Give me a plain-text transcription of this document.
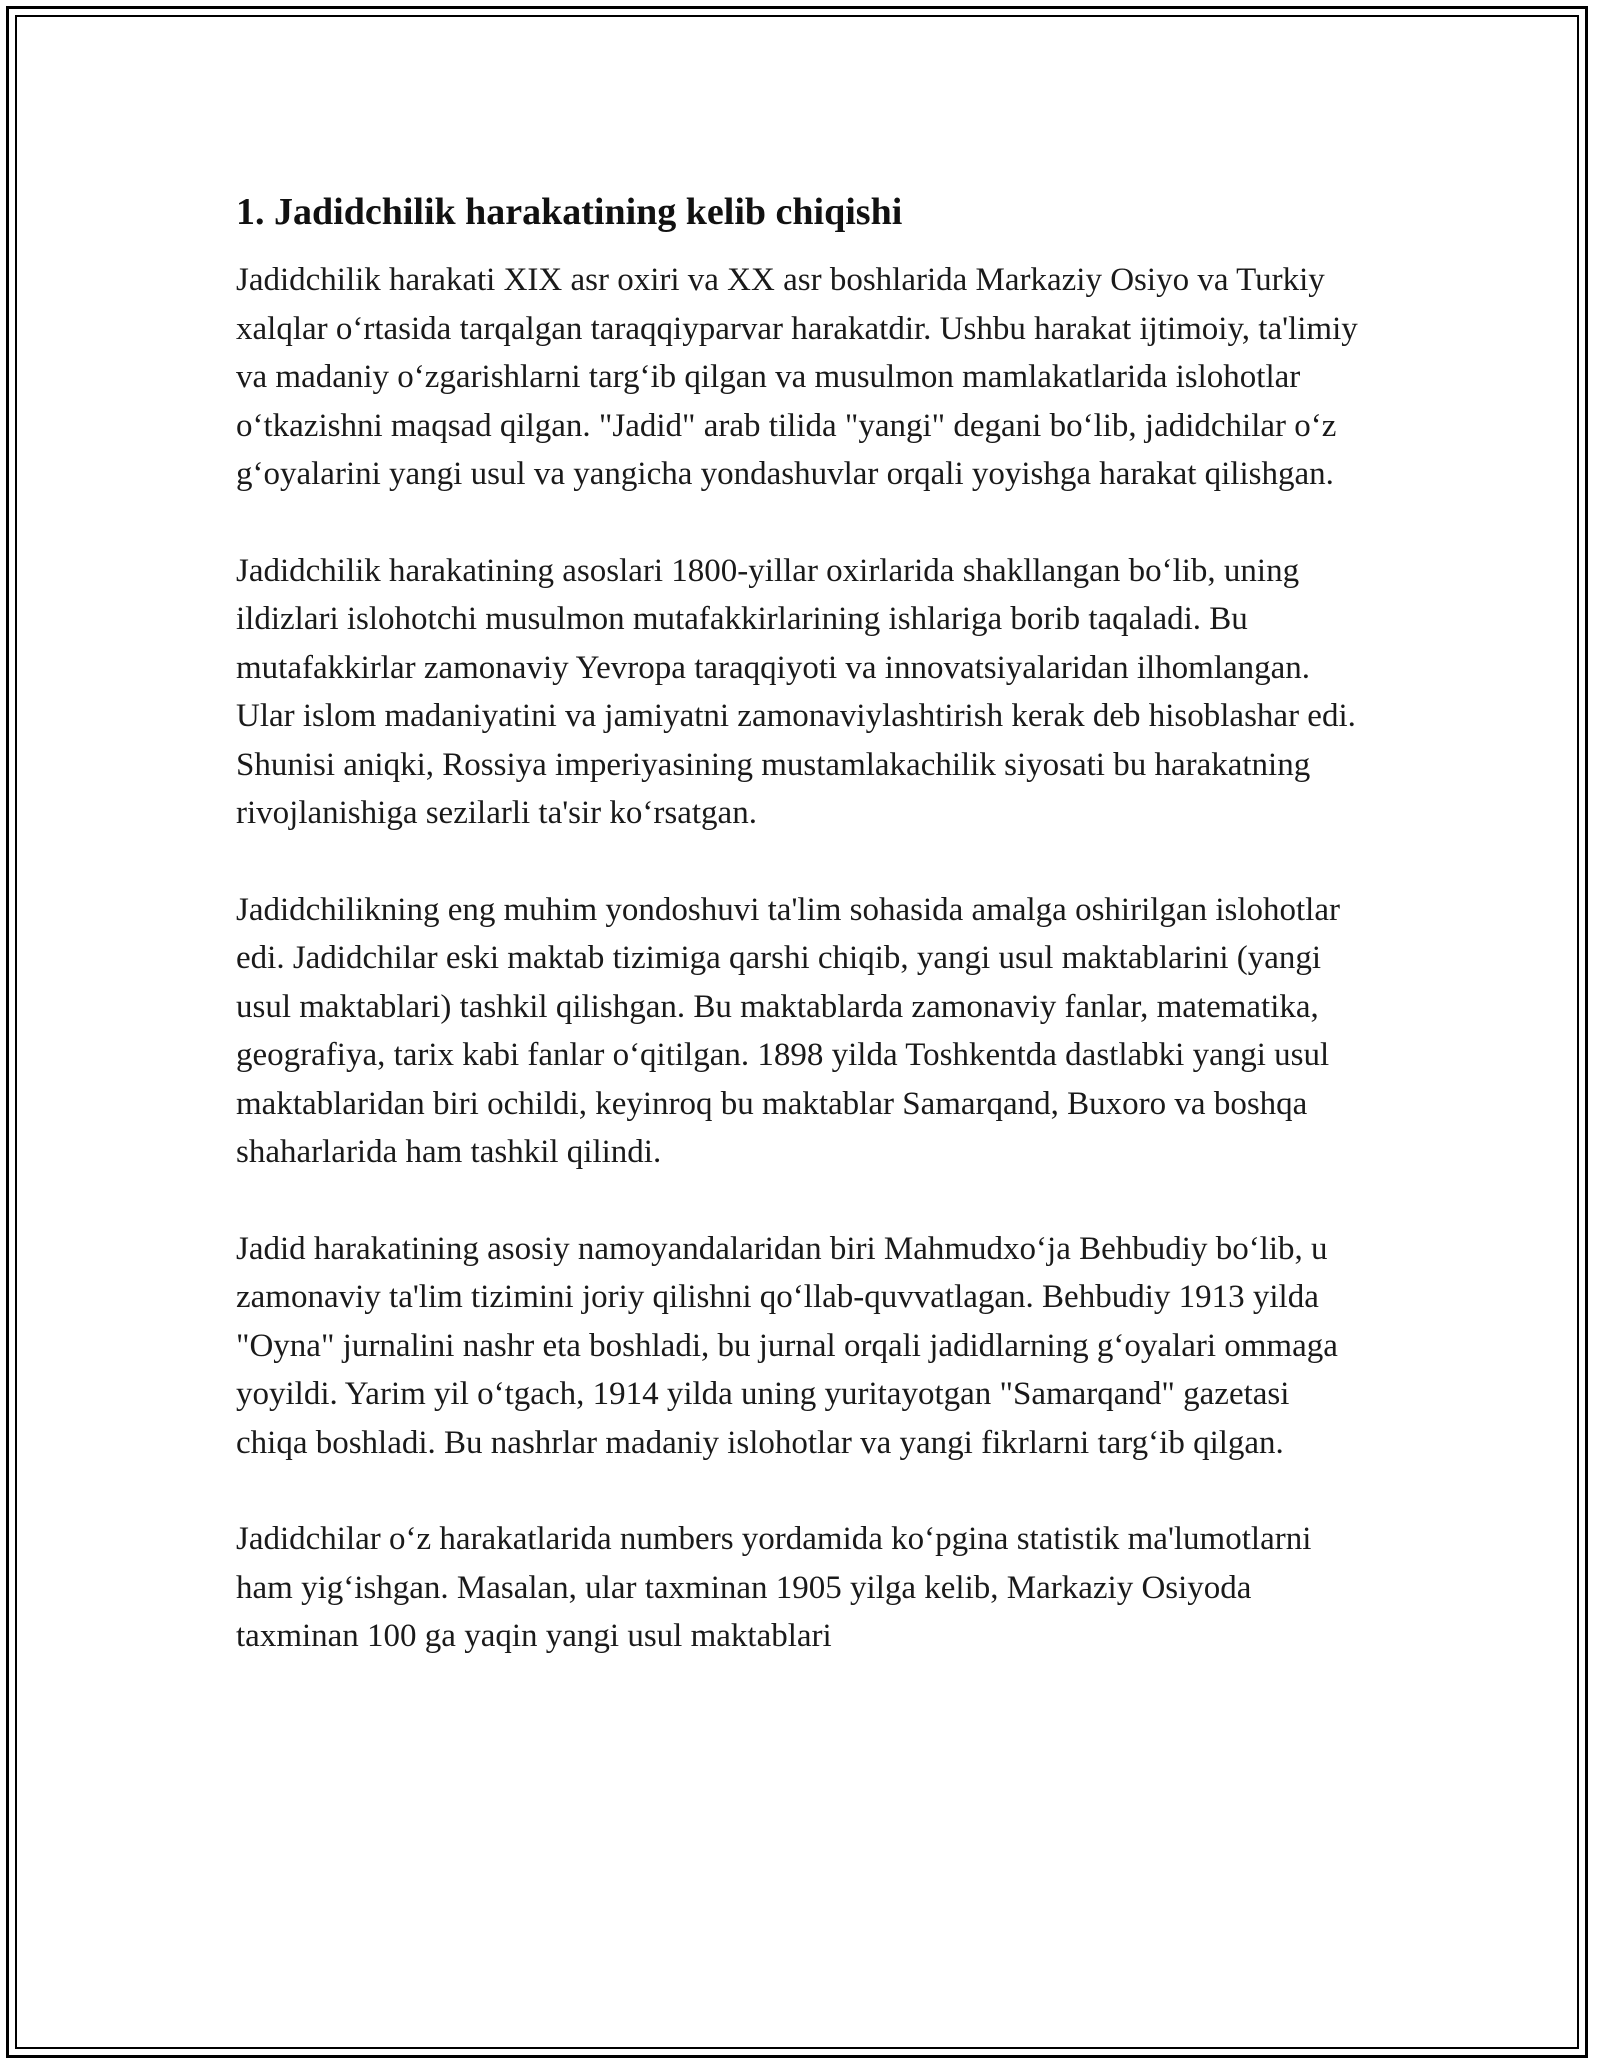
1. Jadidchilik harakatining kelib chiqishi

Jadidchilik harakati XIX asr oxiri va XX asr boshlarida Markaziy Osiyo va Turkiy xalqlar o‘rtasida tarqalgan taraqqiyparvar harakatdir. Ushbu harakat ijtimoiy, ta'limiy va madaniy o‘zgarishlarni targ‘ib qilgan va musulmon mamlakatlarida islohotlar o‘tkazishni maqsad qilgan. "Jadid" arab tilida "yangi" degani bo‘lib, jadidchilar o‘z g‘oyalarini yangi usul va yangicha yondashuvlar orqali yoyishga harakat qilishgan.

Jadidchilik harakatining asoslari 1800-yillar oxirlarida shakllangan bo‘lib, uning ildizlari islohotchi musulmon mutafakkirlarining ishlariga borib taqaladi. Bu mutafakkirlar zamonaviy Yevropa taraqqiyoti va innovatsiyalaridan ilhomlangan. Ular islom madaniyatini va jamiyatni zamonaviylashtirish kerak deb hisoblashar edi. Shunisi aniqki, Rossiya imperiyasining mustamlakachilik siyosati bu harakatning rivojlanishiga sezilarli ta'sir ko‘rsatgan.

Jadidchilikning eng muhim yondoshuvi ta'lim sohasida amalga oshirilgan islohotlar edi. Jadidchilar eski maktab tizimiga qarshi chiqib, yangi usul maktablarini (yangi usul maktablari) tashkil qilishgan. Bu maktablarda zamonaviy fanlar, matematika, geografiya, tarix kabi fanlar o‘qitilgan. 1898 yilda Toshkentda dastlabki yangi usul maktablaridan biri ochildi, keyinroq bu maktablar Samarqand, Buxoro va boshqa shaharlarida ham tashkil qilindi.

Jadid harakatining asosiy namoyandalaridan biri Mahmudxo‘ja Behbudiy bo‘lib, u zamonaviy ta'lim tizimini joriy qilishni qo‘llab-quvvatlagan. Behbudiy 1913 yilda "Oyna" jurnalini nashr eta boshladi, bu jurnal orqali jadidlarning g‘oyalari ommaga yoyildi. Yarim yil o‘tgach, 1914 yilda uning yuritayotgan "Samarqand" gazetasi chiqa boshladi. Bu nashrlar madaniy islohotlar va yangi fikrlarni targ‘ib qilgan.

Jadidchilar o‘z harakatlarida numbers yordamida ko‘pgina statistik ma'lumotlarni ham yig‘ishgan. Masalan, ular taxminan 1905 yilga kelib, Markaziy Osiyoda taxminan 100 ga yaqin yangi usul maktablari
